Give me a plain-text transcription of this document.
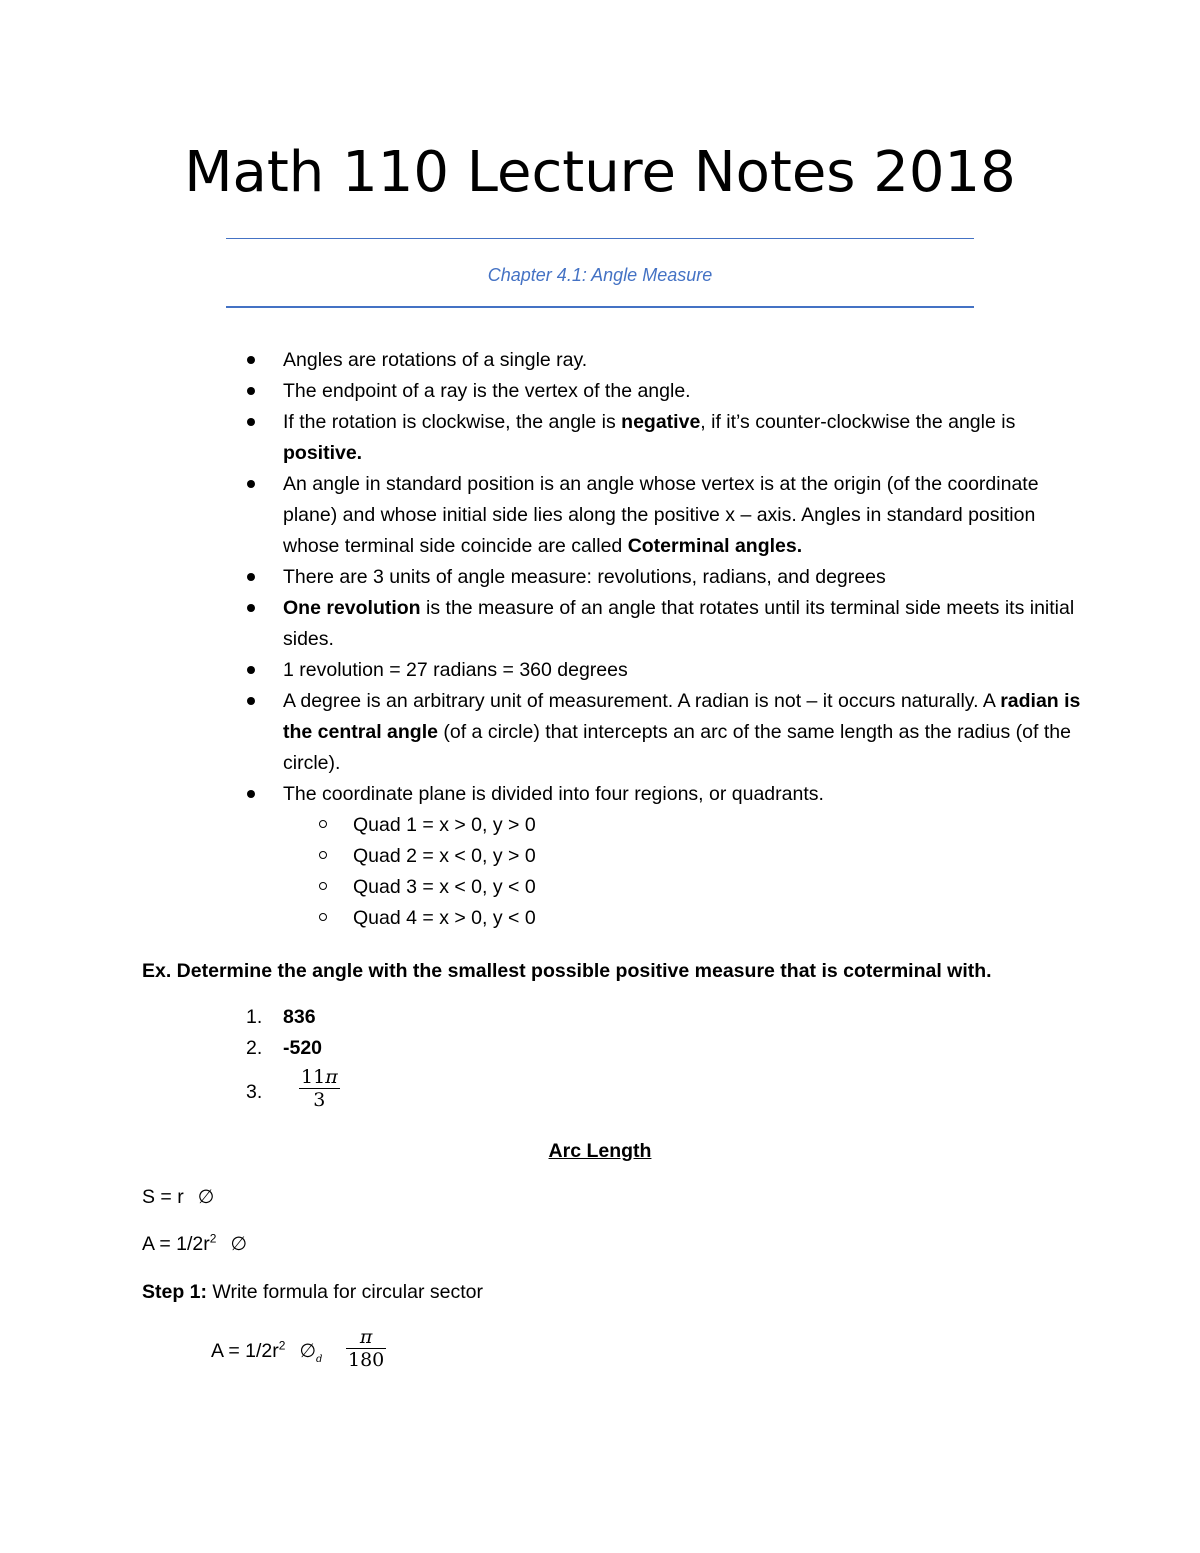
Math 110 Lecture Notes 2018
Chapter 4.1: Angle Measure
Angles are rotations of a single ray.
The endpoint of a ray is the vertex of the angle.
If the rotation is clockwise, the angle is negative, if it’s counter-clockwise the angle is positive.
An angle in standard position is an angle whose vertex is at the origin (of the coordinate plane) and whose initial side lies along the positive x – axis. Angles in standard position whose terminal side coincide are called Coterminal angles.
There are 3 units of angle measure: revolutions, radians, and degrees
One revolution is the measure of an angle that rotates until its terminal side meets its initial sides.
1 revolution = 27 radians = 360 degrees
A degree is an arbitrary unit of measurement. A radian is not – it occurs naturally. A radian is the central angle (of a circle) that intercepts an arc of the same length as the radius (of the circle).
The coordinate plane is divided into four regions, or quadrants.
Quad 1 = x > 0, y > 0
Quad 2 = x < 0, y > 0
Quad 3 = x < 0, y < 0
Quad 4 = x > 0, y < 0
Ex. Determine the angle with the smallest possible positive measure that is coterminal with.
1. 836
2. -520
3. $\frac{11\pi}{3}$
Arc Length
S = r ∅
$A = 1/2r^2$ ∅
Step 1: Write formula for circular sector
$A = 1/2r^2$ $\emptyset_d \frac{\pi}{180}$
